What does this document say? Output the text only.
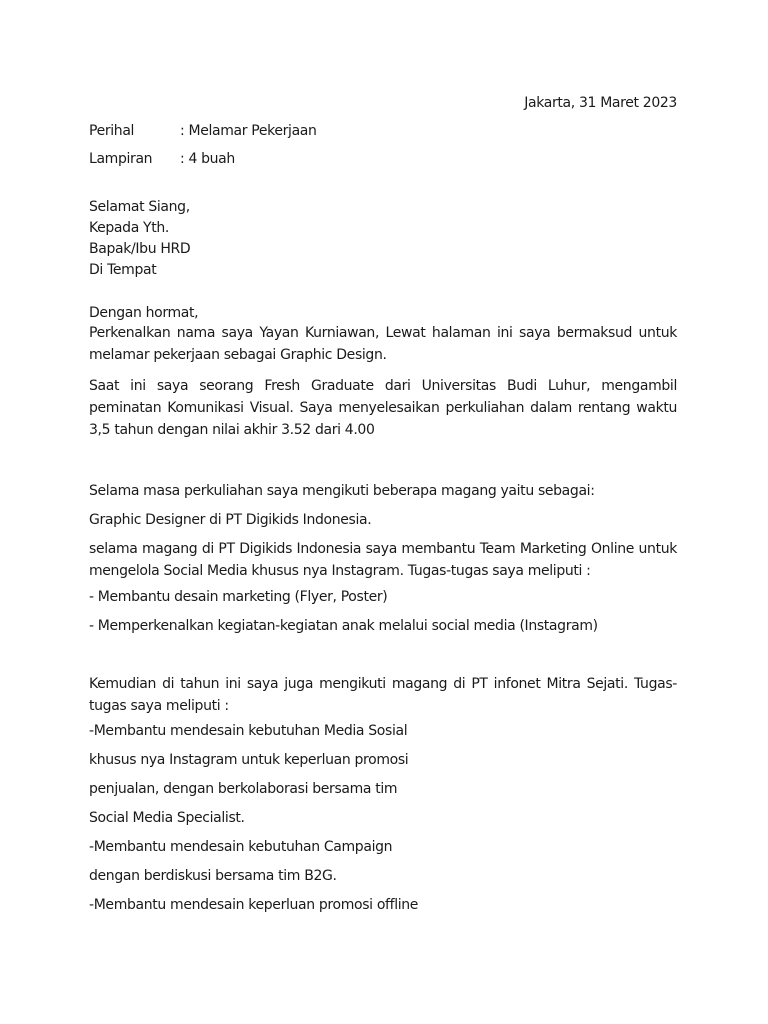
Jakarta, 31 Maret 2023
Perihal	: Melamar Pekerjaan
Lampiran : 4 buah
Selamat Siang,
Kepada Yth.
Bapak/Ibu HRD
Di Tempat
Dengan hormat,
Perkenalkan nama saya Yayan Kurniawan, Lewat halaman ini saya bermaksud untuk melamar pekerjaan sebagai Graphic Design.
Saat ini saya seorang Fresh Graduate dari Universitas Budi Luhur, mengambil peminatan Komunikasi Visual. Saya menyelesaikan perkuliahan dalam rentang waktu 3,5 tahun dengan nilai akhir 3.52 dari 4.00
Selama masa perkuliahan saya mengikuti beberapa magang yaitu sebagai:
Graphic Designer di PT Digikids Indonesia.
selama magang di PT Digikids Indonesia saya membantu Team Marketing Online untuk mengelola Social Media khusus nya Instagram. Tugas-tugas saya meliputi :
- Membantu desain marketing (Flyer, Poster)
- Memperkenalkan kegiatan-kegiatan anak melalui social media (Instagram)
Kemudian di tahun ini saya juga mengikuti magang di PT infonet Mitra Sejati. Tugas-tugas saya meliputi :
-Membantu mendesain kebutuhan Media Sosial
khusus nya Instagram untuk keperluan promosi
penjualan, dengan berkolaborasi bersama tim
Social Media Specialist.
-Membantu mendesain kebutuhan Campaign
dengan berdiskusi bersama tim B2G.
-Membantu mendesain keperluan promosi offline
